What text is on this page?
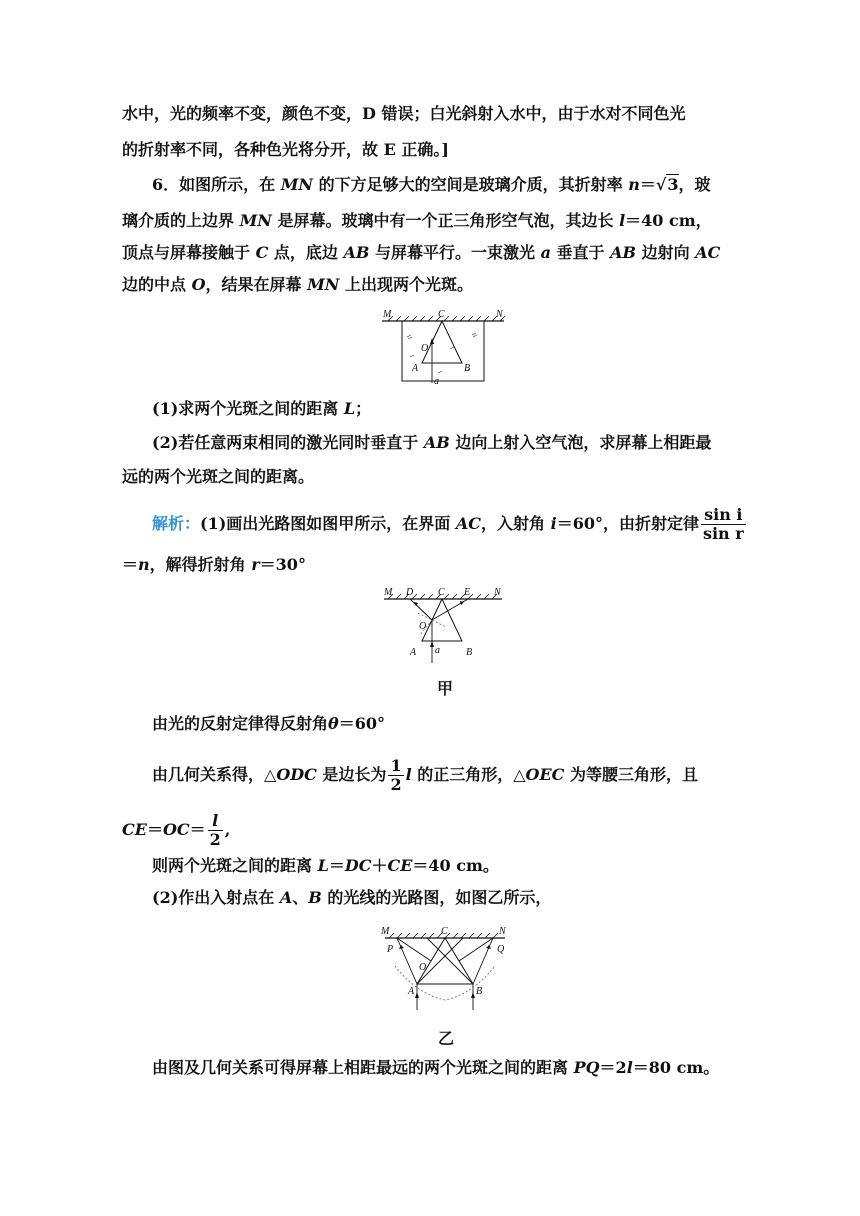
水中，光的频率不变，颜色不变，D 错误；白光斜射入水中，由于水对不同色光
的折射率不同，各种色光将分开，故 E 正确。]
6．如图所示，在 MN 的下方足够大的空间是玻璃介质，其折射率 n＝√3，玻
璃介质的上边界 MN 是屏幕。玻璃中有一个正三角形空气泡，其边长 l＝40 cm，
顶点与屏幕接触于 C 点，底边 AB 与屏幕平行。一束激光 a 垂直于 AB 边射向 AC
边的中点 O，结果在屏幕 MN 上出现两个光斑。
M	C	N
O
A	B
a
(1)求两个光斑之间的距离 L；
(2)若任意两束相同的激光同时垂直于 AB 边向上射入空气泡，求屏幕上相距最
远的两个光斑之间的距离。
解析：(1)画出光路图如图甲所示，在界面 AC，入射角 i＝60°，由折射定律 $\frac{\text{sin i}}{\text{sin r}}$
＝n，解得折射角 r＝30°
M D C E N
O
A a	B
甲
由光的反射定律得反射角θ＝60°
由几何关系得，△ODC 是边长为 $\frac{1}{2}$ l 的正三角形，△OEC 为等腰三角形，且
$CE=OC= \frac{l}{2}$ ,
则两个光斑之间的距离 L＝DC＋CE＝40 cm。
(2)作出入射点在 A、B 的光线的光路图，如图乙所示，
M	C	N
P	Q
O
A	B
乙
由图及几何关系可得屏幕上相距最远的两个光斑之间的距离 PQ＝2l＝80 cm。
